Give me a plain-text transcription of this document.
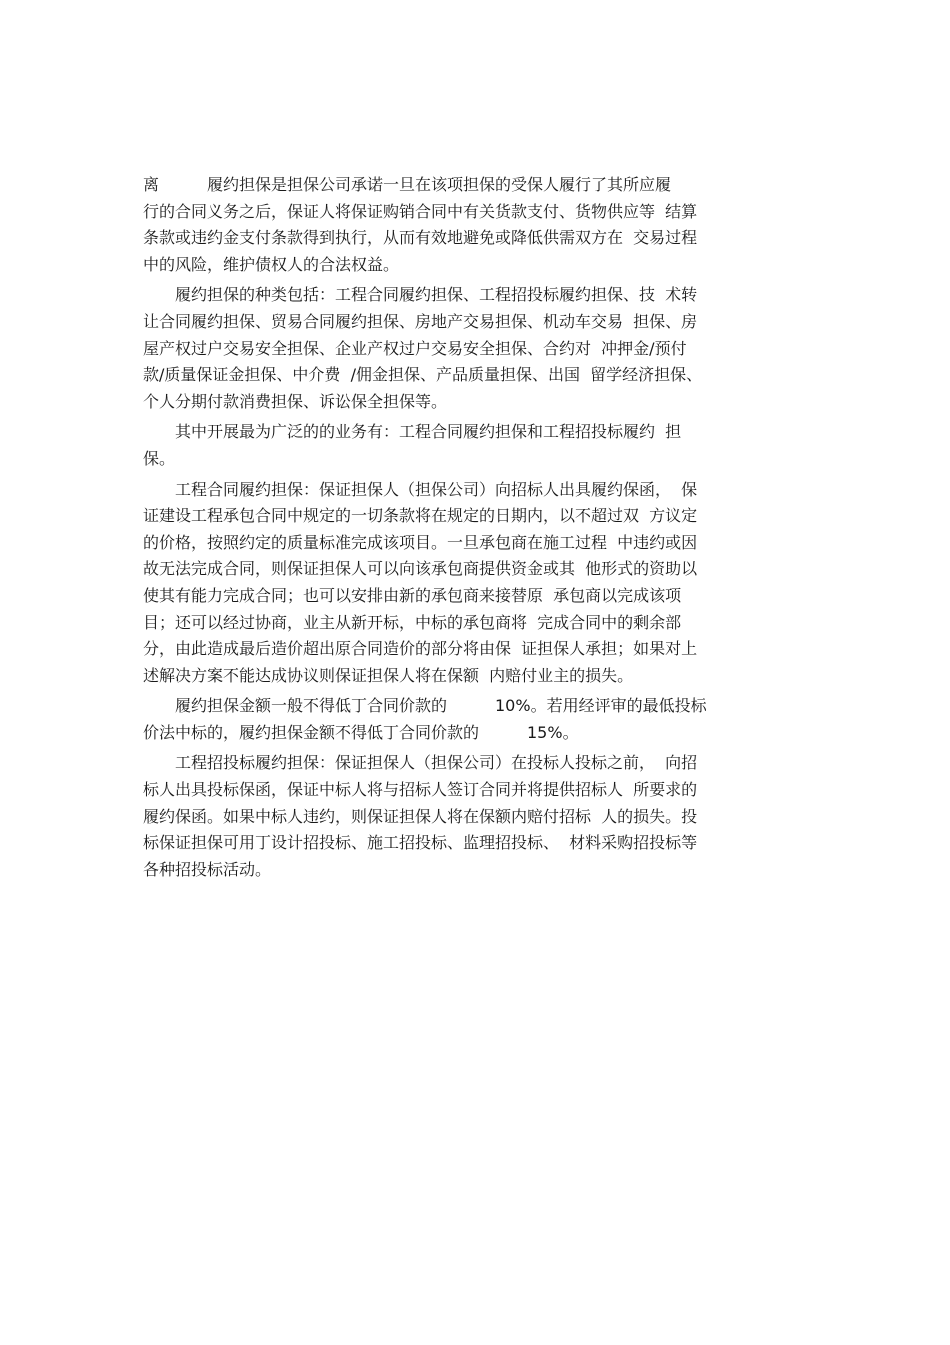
离　　　履约担保是担保公司承诺一旦在该项担保的受保人履行了其所应履
行的合同义务之后，保证人将保证购销合同中有关货款支付、货物供应等  结算
条款或违约金支付条款得到执行，从而有效地避免或降低供需双方在  交易过程
中的风险，维护债权人的合法权益。
　　履约担保的种类包括：工程合同履约担保、工程招投标履约担保、技  术转
让合同履约担保、贸易合同履约担保、房地产交易担保、机动车交易  担保、房
屋产权过户交易安全担保、企业产权过户交易安全担保、合约对  冲押金/预付
款/质量保证金担保、中介费  /佣金担保、产品质量担保、出国  留学经济担保、
个人分期付款消费担保、诉讼保全担保等。
　　其中开展最为广泛的的业务有：工程合同履约担保和工程招投标履约  担
保。
　　工程合同履约担保：保证担保人（担保公司）向招标人出具履约保函，  保
证建设工程承包合同中规定的一切条款将在规定的日期内，以不超过双  方议定
的价格，按照约定的质量标准完成该项目。一旦承包商在施工过程  中违约或因
故无法完成合同，则保证担保人可以向该承包商提供资金或其  他形式的资助以
使其有能力完成合同；也可以安排由新的承包商来接替原  承包商以完成该项
目；还可以经过协商，业主从新开标，中标的承包商将  完成合同中的剩余部
分，由此造成最后造价超出原合同造价的部分将由保  证担保人承担；如果对上
述解决方案不能达成协议则保证担保人将在保额  内赔付业主的损失。
　　履约担保金额一般不得低丁合同价款的　　　10%。若用经评审的最低投标
价法中标的，履约担保金额不得低丁合同价款的　　　15%。
　　工程招投标履约担保：保证担保人（担保公司）在投标人投标之前，  向招
标人出具投标保函，保证中标人将与招标人签订合同并将提供招标人  所要求的
履约保函。如果中标人违约，则保证担保人将在保额内赔付招标  人的损失。投
标保证担保可用丁设计招投标、施工招投标、监理招投标、  材料采购招投标等
各种招投标活动。
